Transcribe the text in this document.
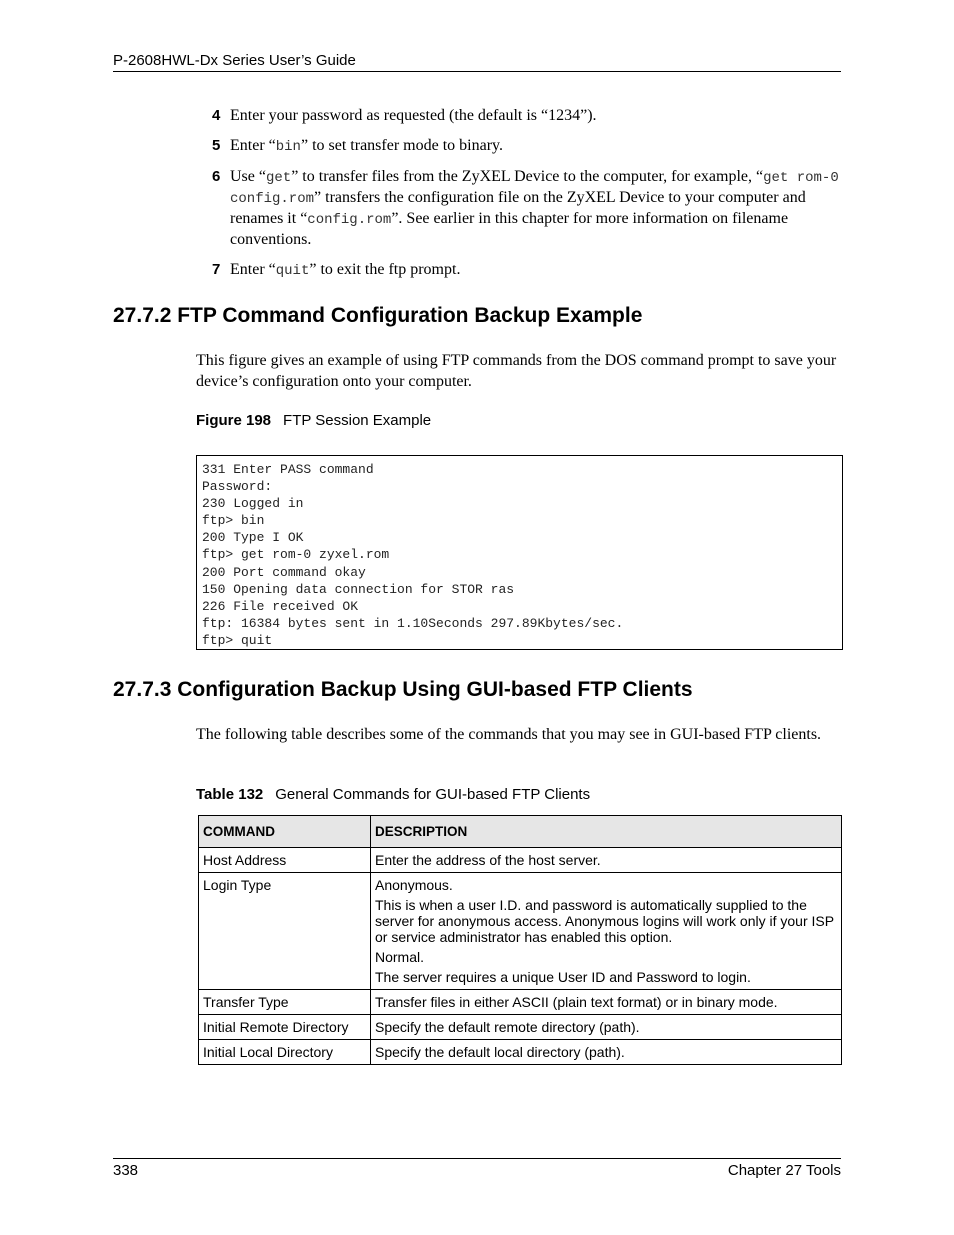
P-2608HWL-Dx Series User’s Guide
4 Enter your password as requested (the default is “1234”).
5 Enter “bin” to set transfer mode to binary.
6 Use “get” to transfer files from the ZyXEL Device to the computer, for example, “get rom-0 config.rom” transfers the configuration file on the ZyXEL Device to your computer and renames it “config.rom”. See earlier in this chapter for more information on filename conventions.
7 Enter “quit” to exit the ftp prompt.
27.7.2 FTP Command Configuration Backup Example

This figure gives an example of using FTP commands from the DOS command prompt to save your device’s configuration onto your computer.

Figure 198 FTP Session Example
331 Enter PASS command
Password:
230 Logged in
ftp> bin
200 Type I OK
ftp> get rom-0 zyxel.rom
200 Port command okay
150 Opening data connection for STOR ras
226 File received OK
ftp: 16384 bytes sent in 1.10Seconds 297.89Kbytes/sec.
ftp> quit
27.7.3 Configuration Backup Using GUI-based FTP Clients

The following table describes some of the commands that you may see in GUI-based FTP clients.

Table 132 General Commands for GUI-based FTP Clients
COMMAND	DESCRIPTION
Host Address	Enter the address of the host server.

Login Type	Anonymous.

This is when a user I.D. and password is automatically supplied to the server for anonymous access. Anonymous logins will work only if your ISP or service administrator has enabled this option.

Normal.

The server requires a unique User ID and Password to login.

Transfer Type	Transfer files in either ASCII (plain text format) or in binary mode.

Initial Remote Directory	Specify the default remote directory (path).

Initial Local Directory	Specify the default local directory (path).

338	Chapter 27 Tools
